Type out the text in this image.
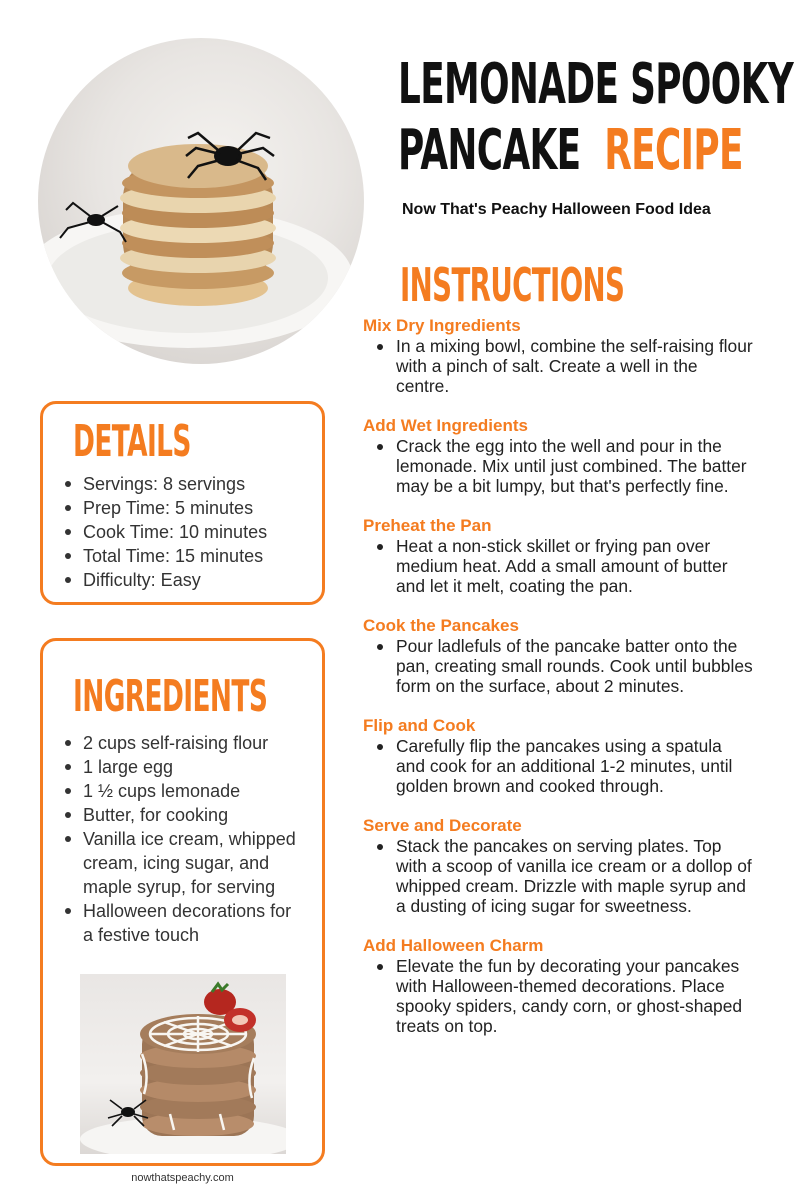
LEMONADE SPOOKY
PANCAKE RECIPE
Now That's Peachy Halloween Food Idea
DETAILS
Servings: 8 servings
Prep Time: 5 minutes
Cook Time: 10 minutes
Total Time: 15 minutes
Difficulty: Easy
INGREDIENTS
2 cups self-raising flour
1 large egg
1 ½ cups lemonade
Butter, for cooking
Vanilla ice cream, whipped cream, icing sugar, and maple syrup, for serving
Halloween decorations for a festive touch
INSTRUCTIONS
Mix Dry Ingredients
In a mixing bowl, combine the self-raising flour with a pinch of salt. Create a well in the centre.
Add Wet Ingredients
Crack the egg into the well and pour in the lemonade. Mix until just combined. The batter may be a bit lumpy, but that's perfectly fine.
Preheat the Pan
Heat a non-stick skillet or frying pan over medium heat. Add a small amount of butter and let it melt, coating the pan.
Cook the Pancakes
Pour ladlefuls of the pancake batter onto the pan, creating small rounds. Cook until bubbles form on the surface, about 2 minutes.
Flip and Cook
Carefully flip the pancakes using a spatula and cook for an additional 1-2 minutes, until golden brown and cooked through.
Serve and Decorate
Stack the pancakes on serving plates. Top with a scoop of vanilla ice cream or a dollop of whipped cream. Drizzle with maple syrup and a dusting of icing sugar for sweetness.
Add Halloween Charm
Elevate the fun by decorating your pancakes with Halloween-themed decorations. Place spooky spiders, candy corn, or ghost-shaped treats on top.
nowthatspeachy.com
